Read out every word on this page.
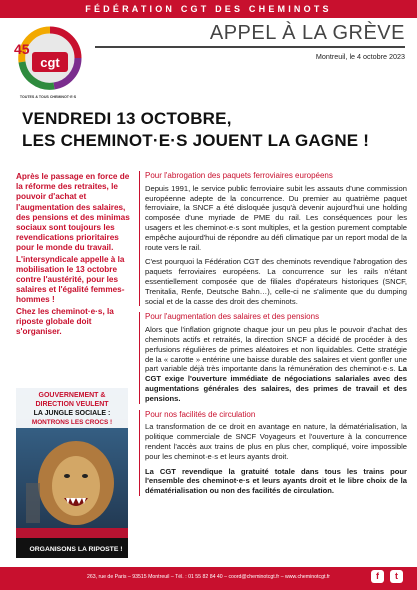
FÉDÉRATION CGT DES CHEMINOTS
45
cgt
TOUTES & TOUS CHEMINOT·E·S
APPEL À LA GRÈVE
Montreuil, le 4 octobre 2023
VENDREDI 13 OCTOBRE,
LES CHEMINOT·E·S JOUENT LA GAGNE !

Après le passage en force de la réforme des retraites, le pouvoir d'achat et l'augmentation des salaires, des pensions et des minimas sociaux sont toujours les revendications prioritaires pour le monde du travail.

L'intersyndicale appelle à la mobilisation le 13 octobre contre l'austérité, pour les salaires et l'égalité femmes-hommes !

Chez les cheminot·e·s, la riposte globale doit s'organiser.

GOUVERNEMENT &
DIRECTION VEULENT
LA JUNGLE SOCIALE :
MONTRONS LES CROCS !
ORGANISONS LA RIPOSTE !
Pour l'abrogation des paquets ferroviaires européens

Depuis 1991, le service public ferroviaire subit les assauts d'une commission européenne adepte de la concurrence. Du premier au quatrième paquet ferroviaire, la SNCF a été disloquée jusqu'à devenir aujourd'hui une holding composée d'une myriade de PME du rail. Les conséquences pour les usagers et les cheminot·e·s sont multiples, et la gestion purement comptable empêche aujourd'hui de répondre au défi climatique par un report modal de la route vers le rail.

C'est pourquoi la Fédération CGT des cheminots revendique l'abrogation des paquets ferroviaires européens. La concurrence sur les rails n'étant essentiellement composée que de filiales d'opérateurs historiques (SNCF, Trenitalia, Renfe, Deutsche Bahn…), celle-ci ne s'alimente que du dumping social et de la casse des droit des cheminots.

Pour l'augmentation des salaires et des pensions

Alors que l'inflation grignote chaque jour un peu plus le pouvoir d'achat des cheminots actifs et retraités, la direction SNCF a décidé de procéder à des perfusions régulières de primes aléatoires et non liquidables. Cette stratégie de la « carotte » entérine une baisse durable des salaires et vient gonfler une part variable déjà très importante dans la rémunération des cheminot·e·s. La CGT exige l'ouverture immédiate de négociations salariales avec des augmentations générales des salaires, des primes de travail et des pensions.

Pour nos facilités de circulation

La transformation de ce droit en avantage en nature, la dématérialisation, la politique commerciale de SNCF Voyageurs et l'ouverture à la concurrence rendent l'accès aux trains de plus en plus cher, compliqué, voire impossible pour les cheminot·e·s et leurs ayants droit.

La CGT revendique la gratuité totale dans tous les trains pour l'ensemble des cheminot·e·s et leurs ayants droit et le libre choix de la dématérialisation ou non des facilités de circulation.

263, rue de Paris – 93515 Montreuil – Tél. : 01 55 82 84 40 – coord@cheminotcgt.fr – www.cheminotcgt.fr	f	t
